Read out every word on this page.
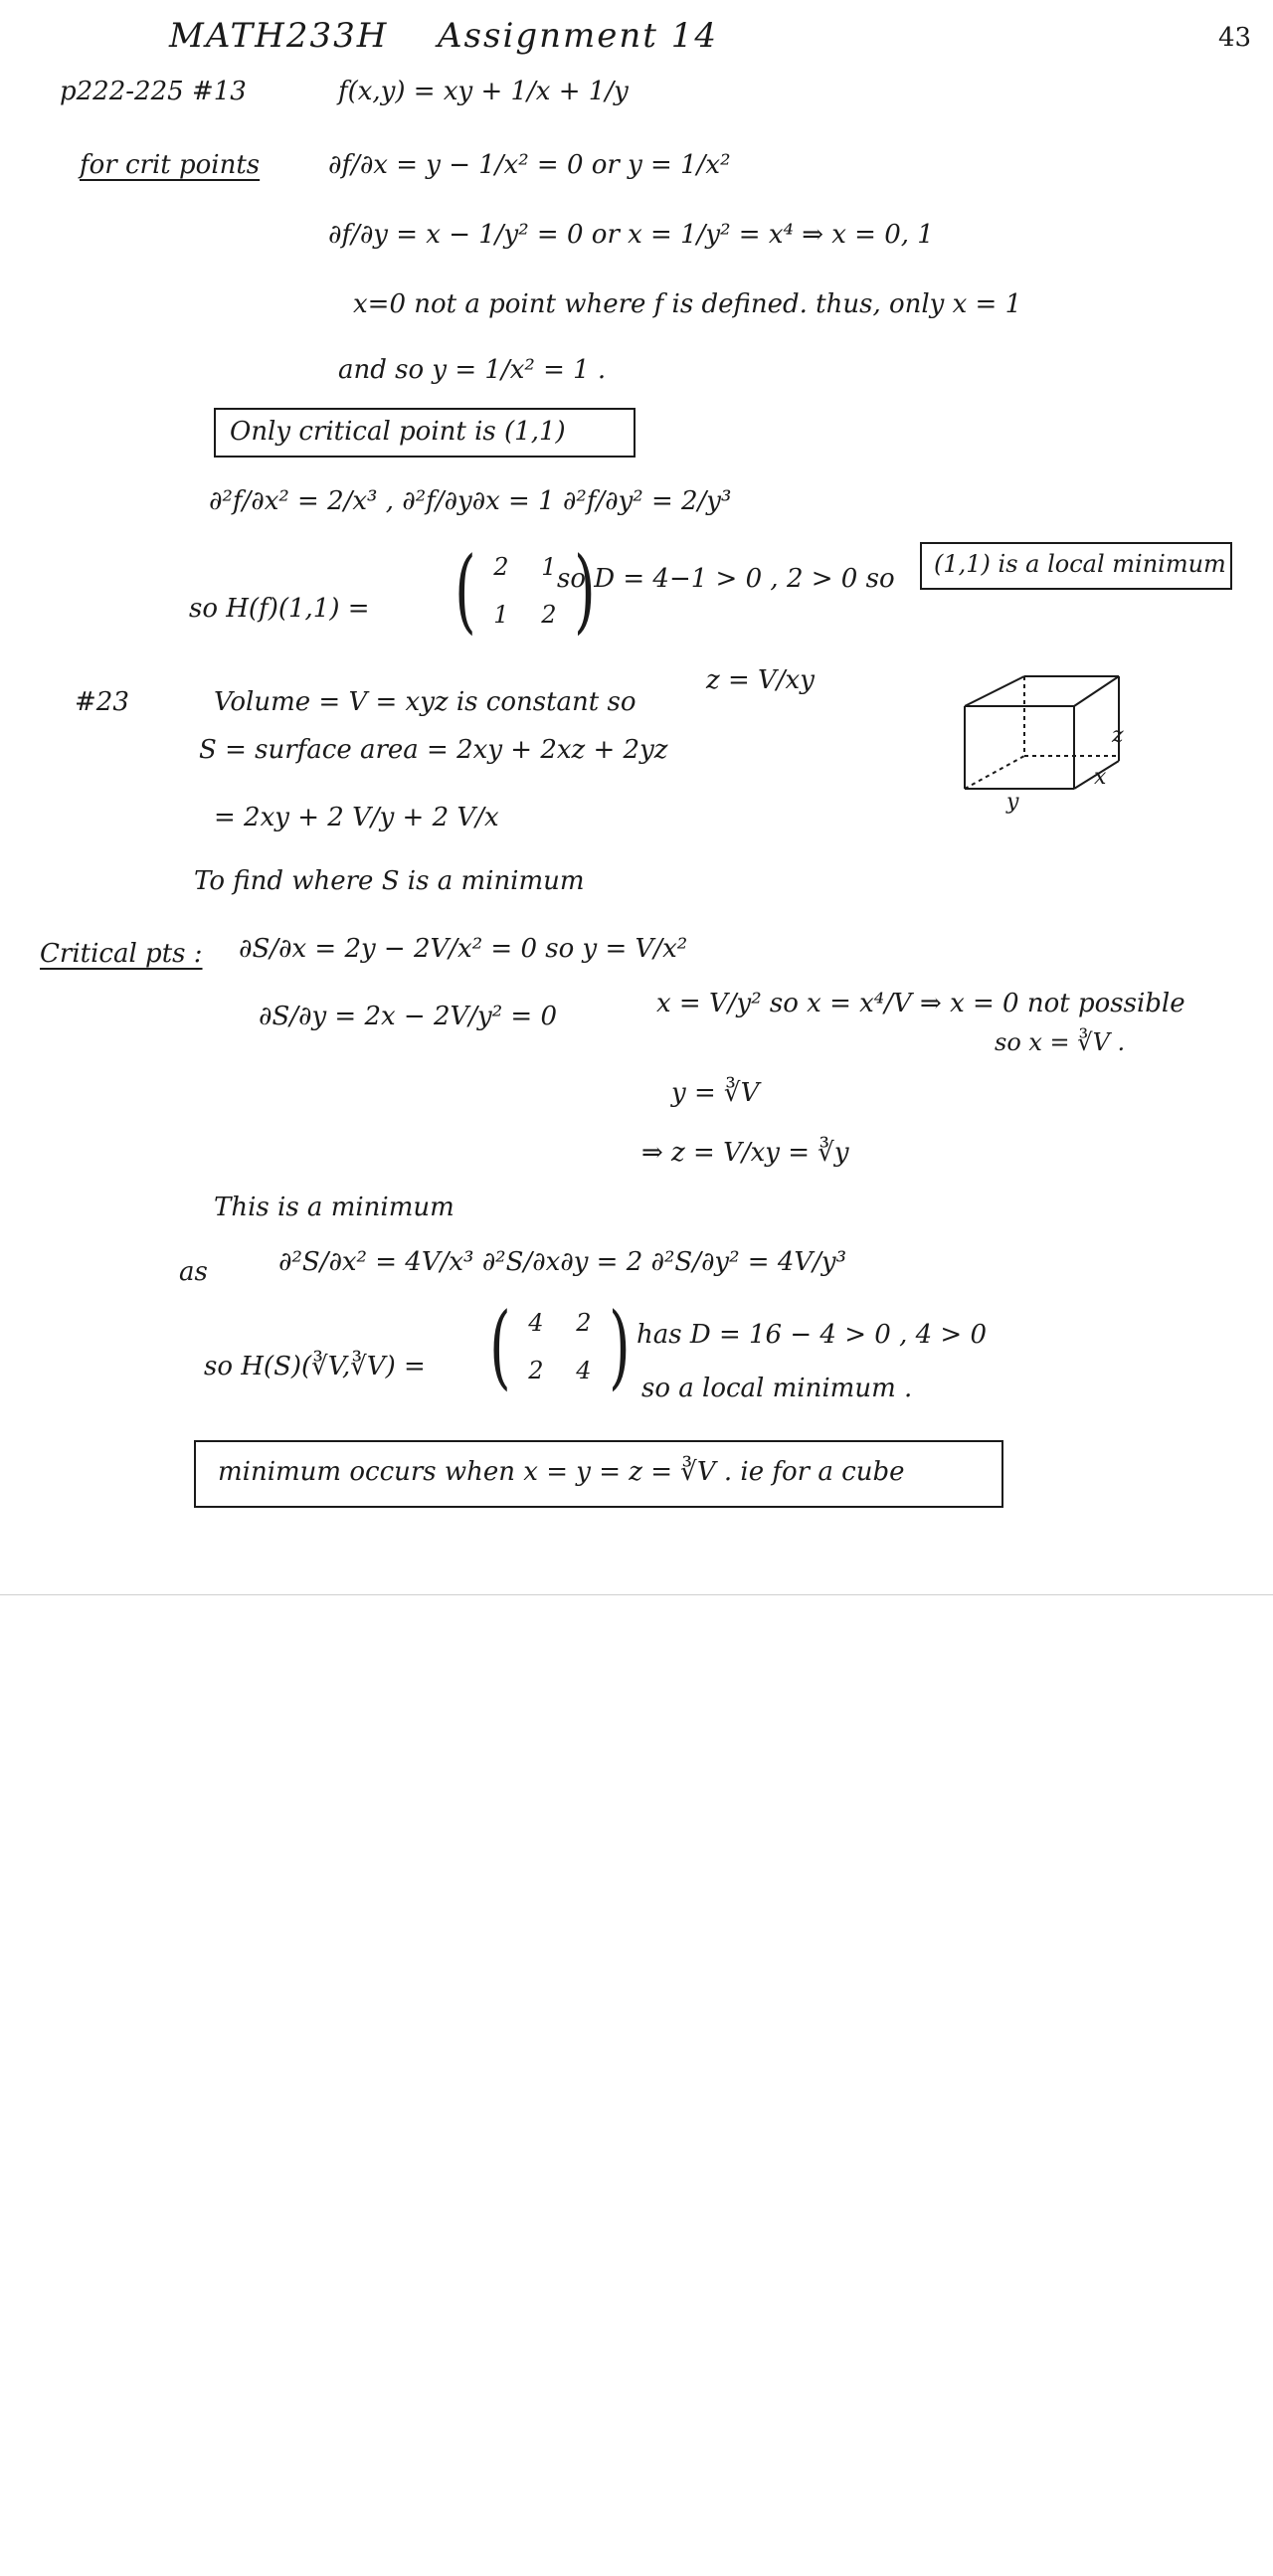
MATH233H Assignment 14	43
p222-225 #13	f(x,y) = xy + 1/x + 1/y
for crit points	∂f/∂x = y − 1/x² = 0 or y = 1/x²
∂f/∂y = x − 1/y² = 0 or x = 1/y² = x⁴ ⇒ x = 0, 1
x=0 not a point where f is defined. thus, only x = 1
and so y = 1/x² = 1 .
Only critical point is (1,1)
∂²f/∂x² = 2/x³ , ∂²f/∂y∂x = 1 ∂²f/∂y² = 2/y³
so H(f)(1,1) = ( 2	1
1	2 )
so D = 4−1 > 0 , 2 > 0 so (1,1) is a local minimum
#23	Volume = V = xyz is constant so
z = V/xy
S = surface area = 2xy + 2xz + 2yz
= 2xy + 2 V/y + 2 V/x
z
x
y
To find where S is a minimum
Critical pts : ∂S/∂x = 2y − 2V/x² = 0 so y = V/x²
∂S/∂y = 2x − 2V/y² = 0	x = V/y² so x = x⁴/V ⇒ x = 0 not possible
so x = ∛V .
y = ∛V
⇒ z = V/xy = ∛y
This is a minimum
as	∂²S/∂x² = 4V/x³ ∂²S/∂x∂y = 2 ∂²S/∂y² = 4V/y³
so H(S)(∛V,∛V) = ( 4	2
2	4 ) has D = 16 − 4 > 0 , 4 > 0
so a local minimum .
minimum occurs when x = y = z = ∛V . ie for a cube
